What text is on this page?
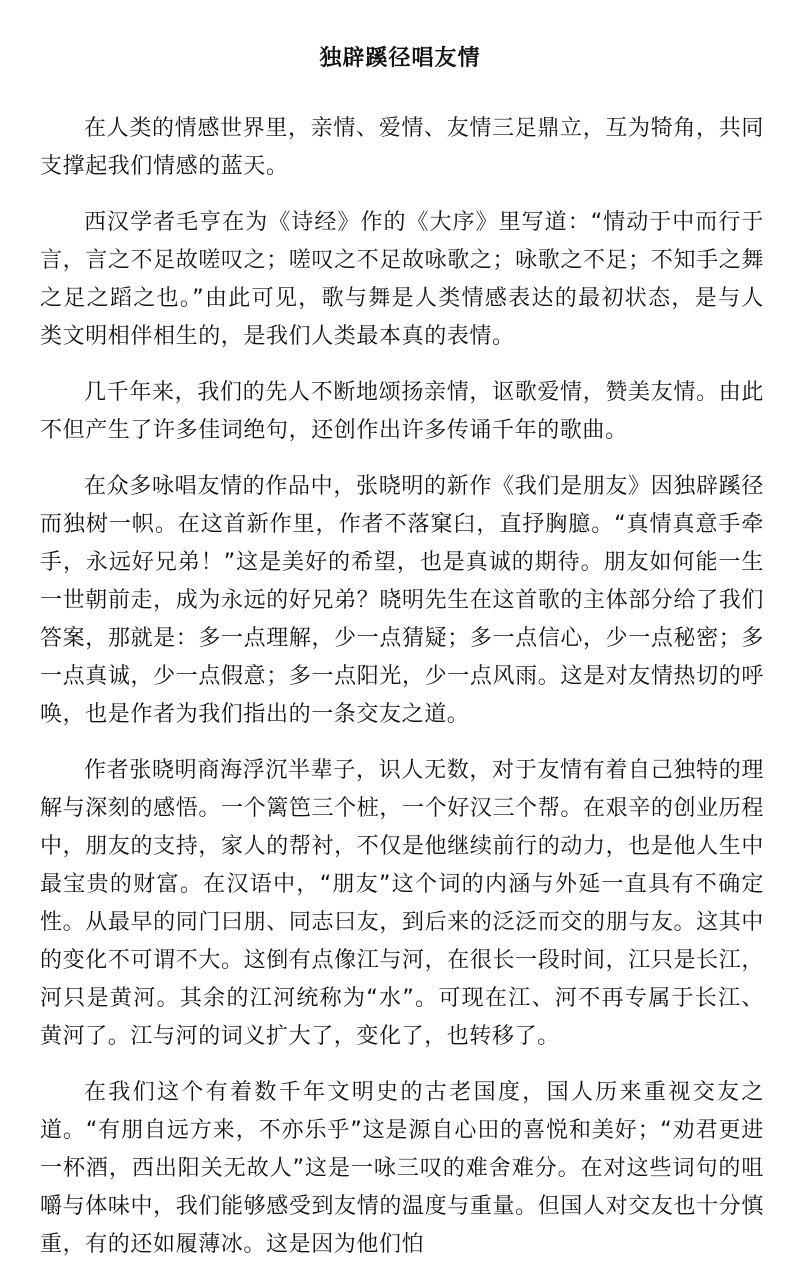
独辟蹊径唱友情

在人类的情感世界里，亲情、爱情、友情三足鼎立，互为犄角，共同支撑起我们情感的蓝天。

西汉学者毛亨在为《诗经》作的《大序》里写道：“情动于中而行于言，言之不足故嗟叹之；嗟叹之不足故咏歌之；咏歌之不足；不知手之舞之足之蹈之也。”由此可见，歌与舞是人类情感表达的最初状态，是与人类文明相伴相生的，是我们人类最本真的表情。

几千年来，我们的先人不断地颂扬亲情，讴歌爱情，赞美友情。由此不但产生了许多佳词绝句，还创作出许多传诵千年的歌曲。

在众多咏唱友情的作品中，张晓明的新作《我们是朋友》因独辟蹊径而独树一帜。在这首新作里，作者不落窠臼，直抒胸臆。“真情真意手牵手，永远好兄弟！”这是美好的希望，也是真诚的期待。朋友如何能一生一世朝前走，成为永远的好兄弟？晓明先生在这首歌的主体部分给了我们答案，那就是：多一点理解，少一点猜疑；多一点信心，少一点秘密；多一点真诚，少一点假意；多一点阳光，少一点风雨。这是对友情热切的呼唤，也是作者为我们指出的一条交友之道。

作者张晓明商海浮沉半辈子，识人无数，对于友情有着自己独特的理解与深刻的感悟。一个篱笆三个桩，一个好汉三个帮。在艰辛的创业历程中，朋友的支持，家人的帮衬，不仅是他继续前行的动力，也是他人生中最宝贵的财富。在汉语中，“朋友”这个词的内涵与外延一直具有不确定性。从最早的同门曰朋、同志曰友，到后来的泛泛而交的朋与友。这其中的变化不可谓不大。这倒有点像江与河，在很长一段时间，江只是长江，河只是黄河。其余的江河统称为“水”。可现在江、河不再专属于长江、黄河了。江与河的词义扩大了，变化了，也转移了。

在我们这个有着数千年文明史的古老国度，国人历来重视交友之道。“有朋自远方来，不亦乐乎”这是源自心田的喜悦和美好；“劝君更进一杯酒，西出阳关无故人”这是一咏三叹的难舍难分。在对这些词句的咀嚼与体味中，我们能够感受到友情的温度与重量。但国人对交友也十分慎重，有的还如履薄冰。这是因为他们怕
